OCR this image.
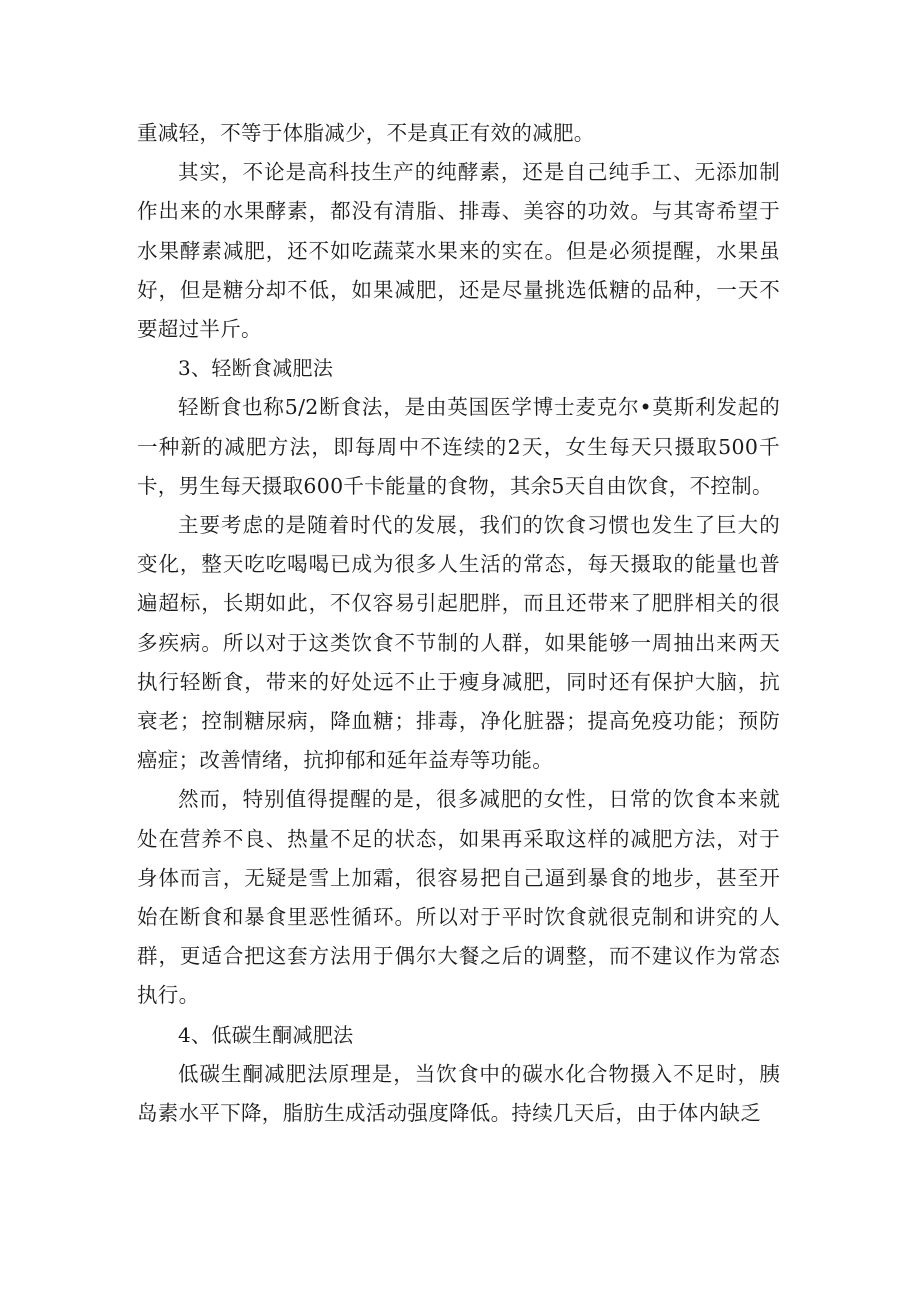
重减轻，不等于体脂减少，不是真正有效的减肥。

其实，不论是高科技生产的纯酵素，还是自己纯手工、无添加制作出来的水果酵素，都没有清脂、排毒、美容的功效。与其寄希望于水果酵素减肥，还不如吃蔬菜水果来的实在。但是必须提醒，水果虽好，但是糖分却不低，如果减肥，还是尽量挑选低糖的品种，一天不要超过半斤。

3、轻断食减肥法

轻断食也称5/2断食法，是由英国医学博士麦克尔•莫斯利发起的一种新的减肥方法，即每周中不连续的2天，女生每天只摄取500千卡，男生每天摄取600千卡能量的食物，其余5天自由饮食，不控制。

主要考虑的是随着时代的发展，我们的饮食习惯也发生了巨大的变化，整天吃吃喝喝已成为很多人生活的常态，每天摄取的能量也普遍超标，长期如此，不仅容易引起肥胖，而且还带来了肥胖相关的很多疾病。所以对于这类饮食不节制的人群，如果能够一周抽出来两天执行轻断食，带来的好处远不止于瘦身减肥，同时还有保护大脑，抗衰老；控制糖尿病，降血糖；排毒，净化脏器；提高免疫功能；预防癌症；改善情绪，抗抑郁和延年益寿等功能。

然而，特别值得提醒的是，很多减肥的女性，日常的饮食本来就处在营养不良、热量不足的状态，如果再采取这样的减肥方法，对于身体而言，无疑是雪上加霜，很容易把自己逼到暴食的地步，甚至开始在断食和暴食里恶性循环。所以对于平时饮食就很克制和讲究的人群，更适合把这套方法用于偶尔大餐之后的调整，而不建议作为常态执行。

4、低碳生酮减肥法

低碳生酮减肥法原理是，当饮食中的碳水化合物摄入不足时，胰岛素水平下降，脂肪生成活动强度降低。持续几天后，由于体内缺乏
